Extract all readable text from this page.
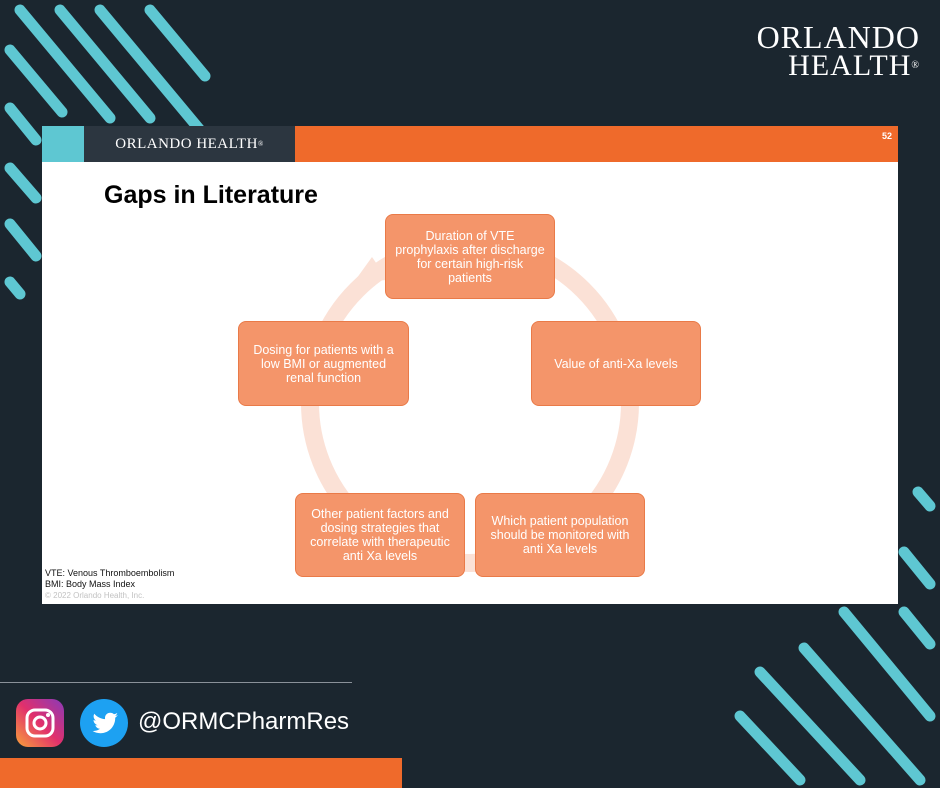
ORLANDO
HEALTH®
ORLANDO HEALTH ®
52
Gaps in Literature
Duration of VTE prophylaxis after discharge for certain high-risk patients
Value of anti-Xa levels
Which patient population should be monitored with anti Xa levels
Other patient factors and dosing strategies that correlate with therapeutic anti Xa levels
Dosing for patients with a low BMI or augmented renal function
VTE: Venous Thromboembolism
BMI: Body Mass Index
© 2022 Orlando Health, Inc.
@ORMCPharmRes
